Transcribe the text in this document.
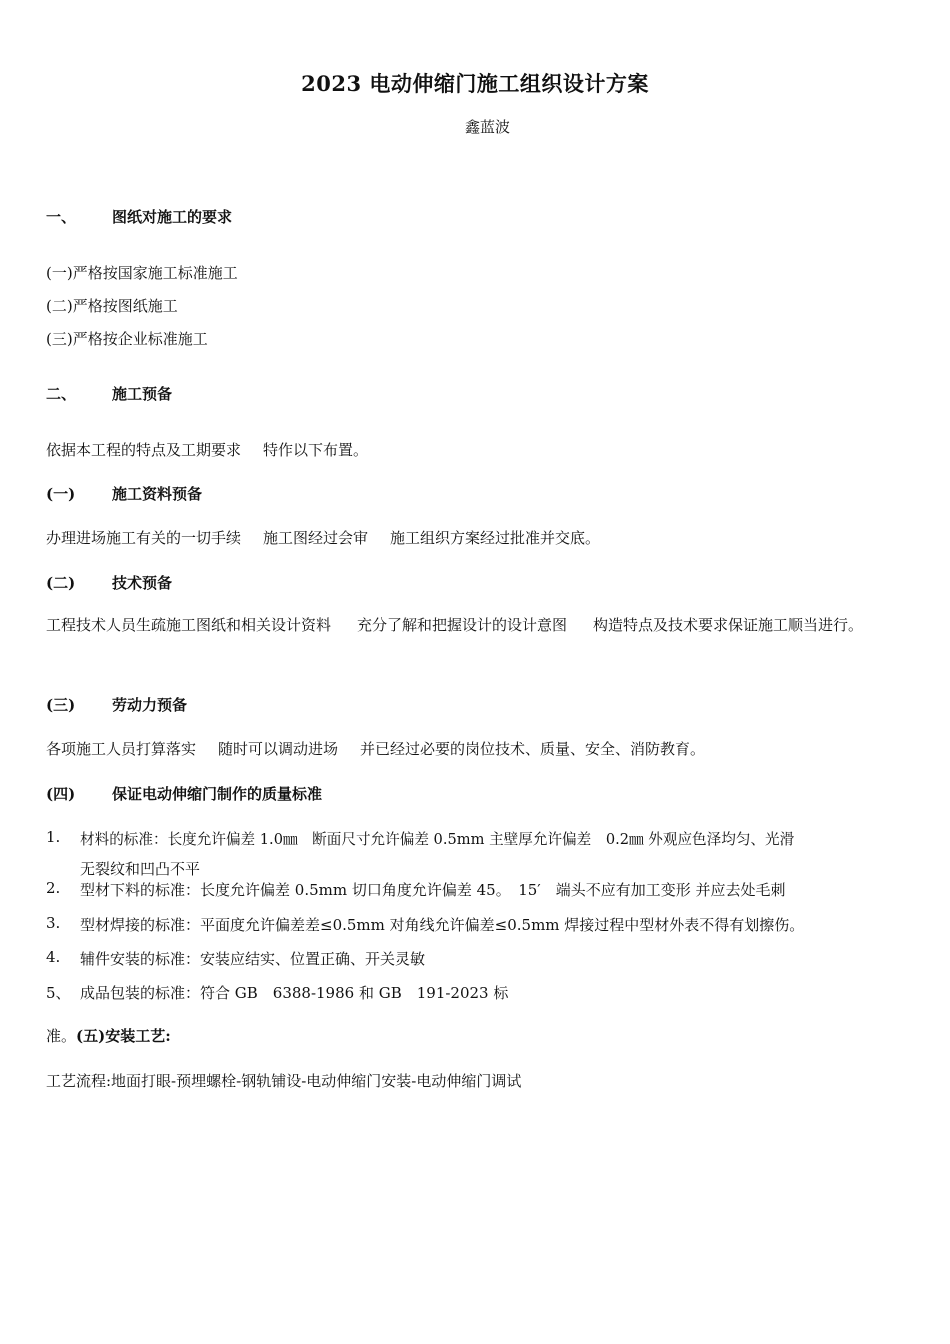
2023 电动伸缩门施工组织设计方案
鑫蓝波
一、 图纸对施工的要求
(一)严格按国家施工标准施工
(二)严格按图纸施工
(三)严格按企业标准施工
二、 施工预备
依据本工程的特点及工期要求 特作以下布置。
(一) 施工资料预备
办理进场施工有关的一切手续 施工图经过会审 施工组织方案经过批准并交底。
(二) 技术预备
工程技术人员生疏施工图纸和相关设计资料 充分了解和把握设计的设计意图 构造特点及技术要求保证施工顺当进行。
(三) 劳动力预备
各项施工人员打算落实 随时可以调动进场 并已经过必要的岗位技术、质量、安全、消防教育。
(四) 保证电动伸缩门制作的质量标准
1. 材料的标准：长度允许偏差 1.0㎜　断面尺寸允许偏差 0.5mm 主壁厚允许偏差　0.2㎜ 外观应色泽均匀、光滑
无裂纹和凹凸不平
2. 型材下料的标准：长度允许偏差 0.5mm 切口角度允许偏差 45。　15′　端头不应有加工变形 并应去处毛刺
3. 型材焊接的标准：平面度允许偏差差≤0.5mm 对角线允许偏差≤0.5mm 焊接过程中型材外表不得有划擦伤。
4. 辅件安装的标准：安装应结实、位置正确、开关灵敏
5、 成品包装的标准：符合 GB　6388-1986 和 GB　191-2023 标
准。(五)安装工艺:
工艺流程:地面打眼-预埋螺栓-钢轨铺设-电动伸缩门安装-电动伸缩门调试
